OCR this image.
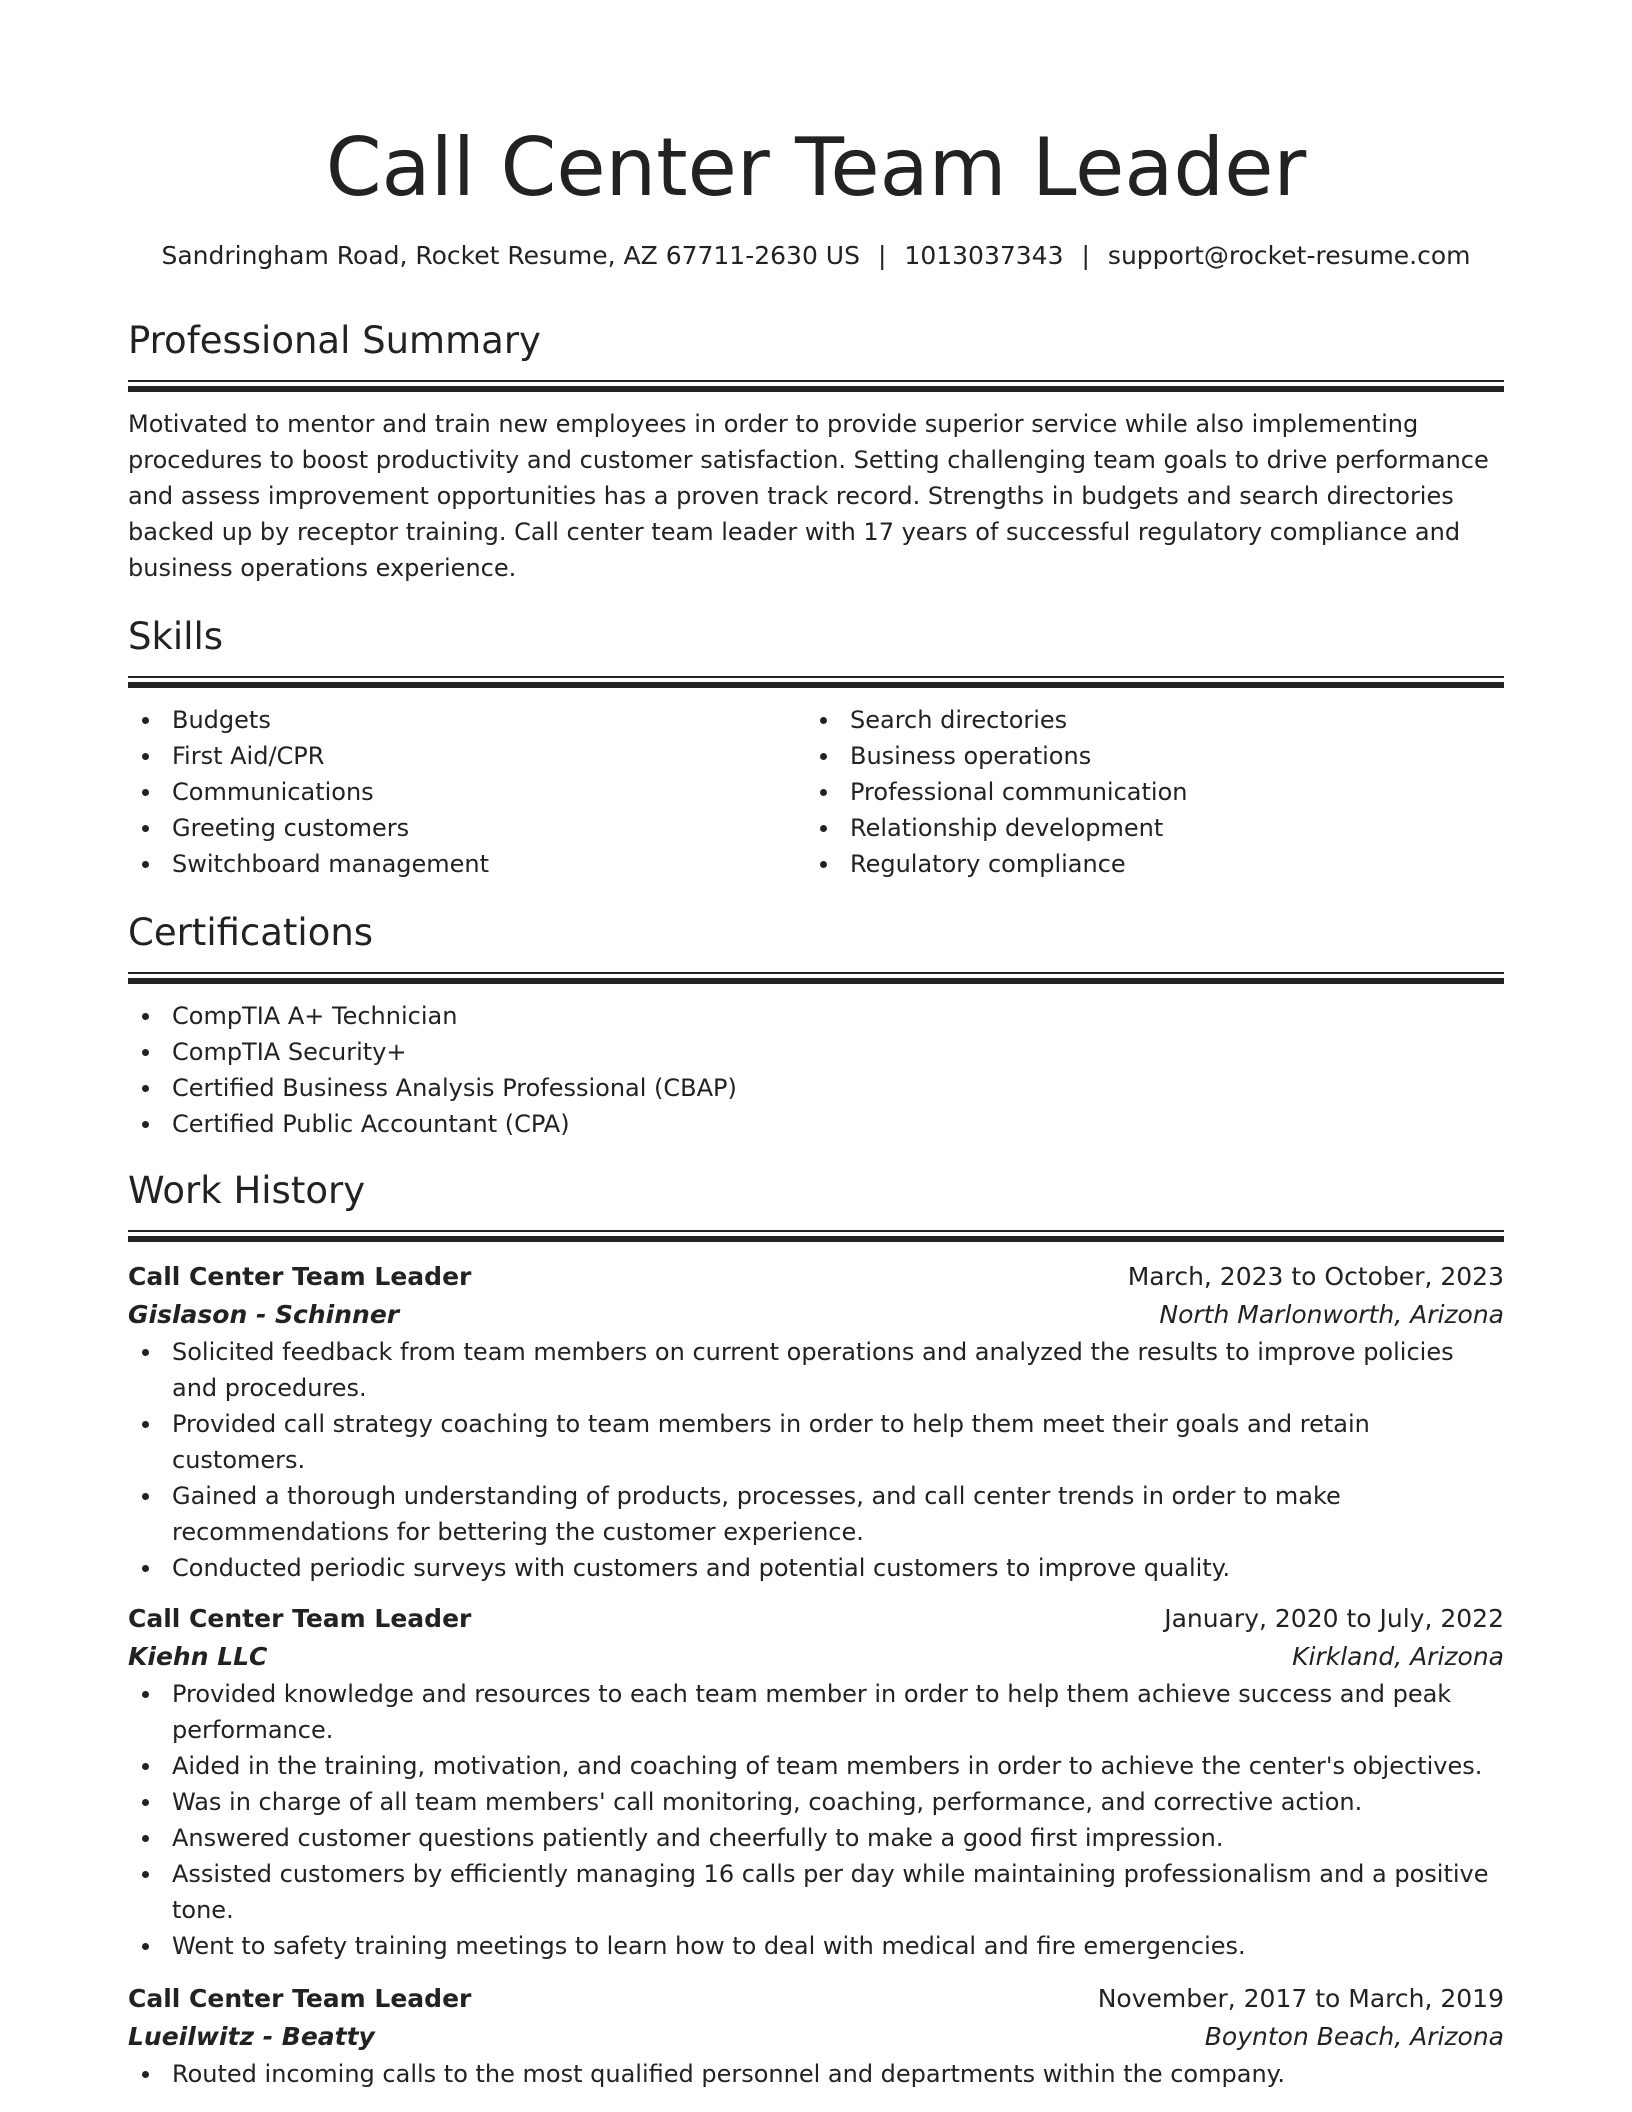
Call Center Team Leader
Sandringham Road, Rocket Resume, AZ 67711-2630 US | 1013037343 | support@rocket-resume.com
Professional Summary
Motivated to mentor and train new employees in order to provide superior service while also implementing procedures to boost productivity and customer satisfaction. Setting challenging team goals to drive performance and assess improvement opportunities has a proven track record. Strengths in budgets and search directories backed up by receptor training. Call center team leader with 17 years of successful regulatory compliance and business operations experience.
Skills
Budgets
First Aid/CPR
Communications
Greeting customers
Switchboard management
Search directories
Business operations
Professional communication
Relationship development
Regulatory compliance
Certifications
CompTIA A+ Technician
CompTIA Security+
Certified Business Analysis Professional (CBAP)
Certified Public Accountant (CPA)
Work History
Call Center Team Leader	March, 2023 to October, 2023
Gislason - Schinner	North Marlonworth, Arizona
Solicited feedback from team members on current operations and analyzed the results to improve policies and procedures.
Provided call strategy coaching to team members in order to help them meet their goals and retain customers.
Gained a thorough understanding of products, processes, and call center trends in order to make recommendations for bettering the customer experience.
Conducted periodic surveys with customers and potential customers to improve quality.
Call Center Team Leader	January, 2020 to July, 2022
Kiehn LLC	Kirkland, Arizona
Provided knowledge and resources to each team member in order to help them achieve success and peak performance.
Aided in the training, motivation, and coaching of team members in order to achieve the center's objectives.
Was in charge of all team members' call monitoring, coaching, performance, and corrective action.
Answered customer questions patiently and cheerfully to make a good first impression.
Assisted customers by efficiently managing 16 calls per day while maintaining professionalism and a positive tone.
Went to safety training meetings to learn how to deal with medical and fire emergencies.
Call Center Team Leader	November, 2017 to March, 2019
Lueilwitz - Beatty	Boynton Beach, Arizona
Routed incoming calls to the most qualified personnel and departments within the company.
